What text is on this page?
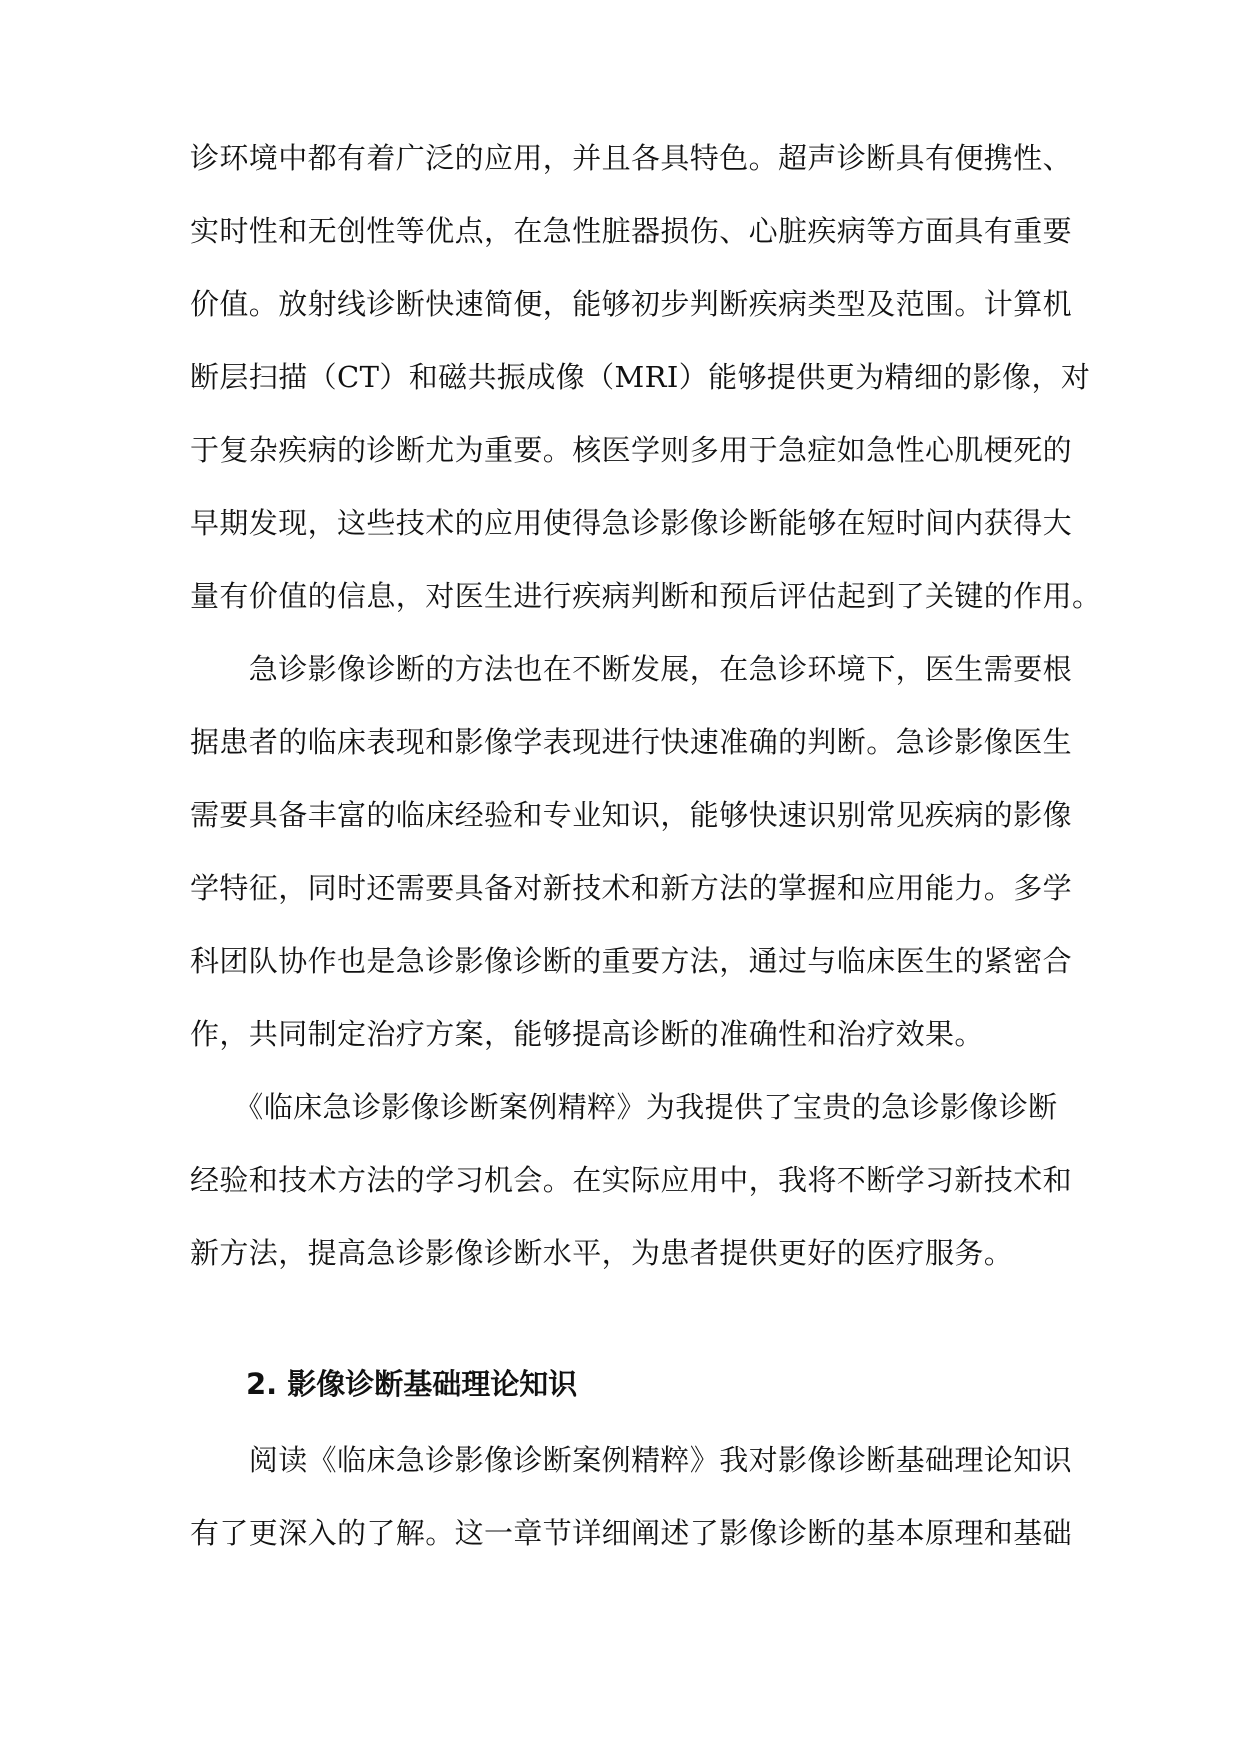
诊环境中都有着广泛的应用，并且各具特色。超声诊断具有便携性、
实时性和无创性等优点，在急性脏器损伤、心脏疾病等方面具有重要
价值。放射线诊断快速简便，能够初步判断疾病类型及范围。计算机
断层扫描（CT）和磁共振成像（MRI）能够提供更为精细的影像，对
于复杂疾病的诊断尤为重要。核医学则多用于急症如急性心肌梗死的
早期发现，这些技术的应用使得急诊影像诊断能够在短时间内获得大
量有价值的信息，对医生进行疾病判断和预后评估起到了关键的作用。
　　急诊影像诊断的方法也在不断发展，在急诊环境下，医生需要根
据患者的临床表现和影像学表现进行快速准确的判断。急诊影像医生
需要具备丰富的临床经验和专业知识，能够快速识别常见疾病的影像
学特征，同时还需要具备对新技术和新方法的掌握和应用能力。多学
科团队协作也是急诊影像诊断的重要方法，通过与临床医生的紧密合
作，共同制定治疗方案，能够提高诊断的准确性和治疗效果。
　　《临床急诊影像诊断案例精粹》为我提供了宝贵的急诊影像诊断
经验和技术方法的学习机会。在实际应用中，我将不断学习新技术和
新方法，提高急诊影像诊断水平，为患者提供更好的医疗服务。
2. 影像诊断基础理论知识
　　阅读《临床急诊影像诊断案例精粹》我对影像诊断基础理论知识
有了更深入的了解。这一章节详细阐述了影像诊断的基本原理和基础
